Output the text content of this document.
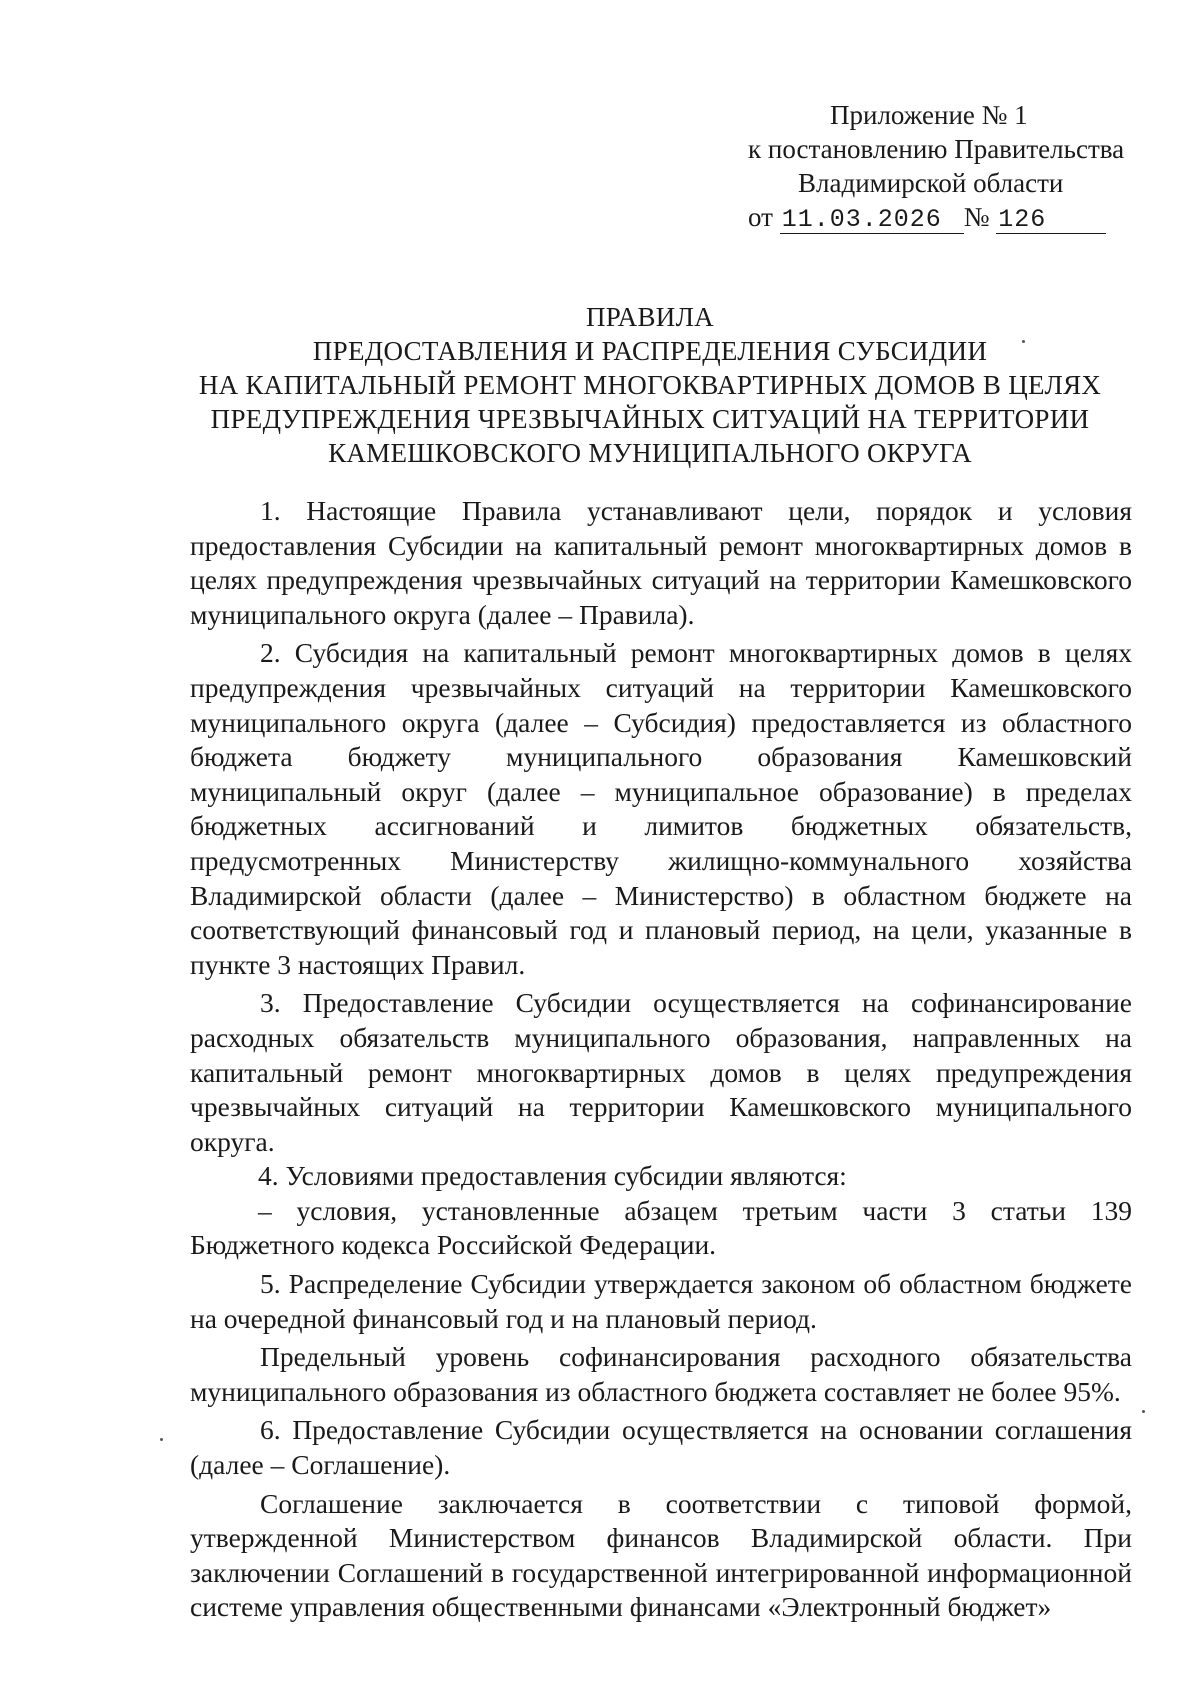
Приложение № 1
к постановлению Правительства
Владимирской области
от 11.03.2026 № 126
ПРАВИЛА
ПРЕДОСТАВЛЕНИЯ И РАСПРЕДЕЛЕНИЯ СУБСИДИИ
НА КАПИТАЛЬНЫЙ РЕМОНТ МНОГОКВАРТИРНЫХ ДОМОВ В ЦЕЛЯХ
ПРЕДУПРЕЖДЕНИЯ ЧРЕЗВЫЧАЙНЫХ СИТУАЦИЙ НА ТЕРРИТОРИИ
КАМЕШКОВСКОГО МУНИЦИПАЛЬНОГО ОКРУГА

1. Настоящие Правила устанавливают цели, порядок и условия предоставления Субсидии на капитальный ремонт многоквартирных домов в целях предупреждения чрезвычайных ситуаций на территории Камешковского муниципального округа (далее – Правила).

2. Субсидия на капитальный ремонт многоквартирных домов в целях предупреждения чрезвычайных ситуаций на территории Камешковского муниципального округа (далее – Субсидия) предоставляется из областного бюджета бюджету муниципального образования Камешковский муниципальный округ (далее – муниципальное образование) в пределах бюджетных ассигнований и лимитов бюджетных обязательств, предусмотренных Министерству жилищно-коммунального хозяйства Владимирской области (далее – Министерство) в областном бюджете на соответствующий финансовый год и плановый период, на цели, указанные в пункте 3 настоящих Правил.

3. Предоставление Субсидии осуществляется на софинансирование расходных обязательств муниципального образования, направленных на капитальный ремонт многоквартирных домов в целях предупреждения чрезвычайных ситуаций на территории Камешковского муниципального округа.

4. Условиями предоставления субсидии являются:

– условия, установленные абзацем третьим части 3 статьи 139 Бюджетного кодекса Российской Федерации.

5. Распределение Субсидии утверждается законом об областном бюджете на очередной финансовый год и на плановый период.

Предельный уровень софинансирования расходного обязательства муниципального образования из областного бюджета составляет не более 95%.

6. Предоставление Субсидии осуществляется на основании соглашения (далее – Соглашение).

Соглашение заключается в соответствии с типовой формой, утвержденной Министерством финансов Владимирской области. При заключении Соглашений в государственной интегрированной информационной системе управления общественными финансами «Электронный бюджет»
